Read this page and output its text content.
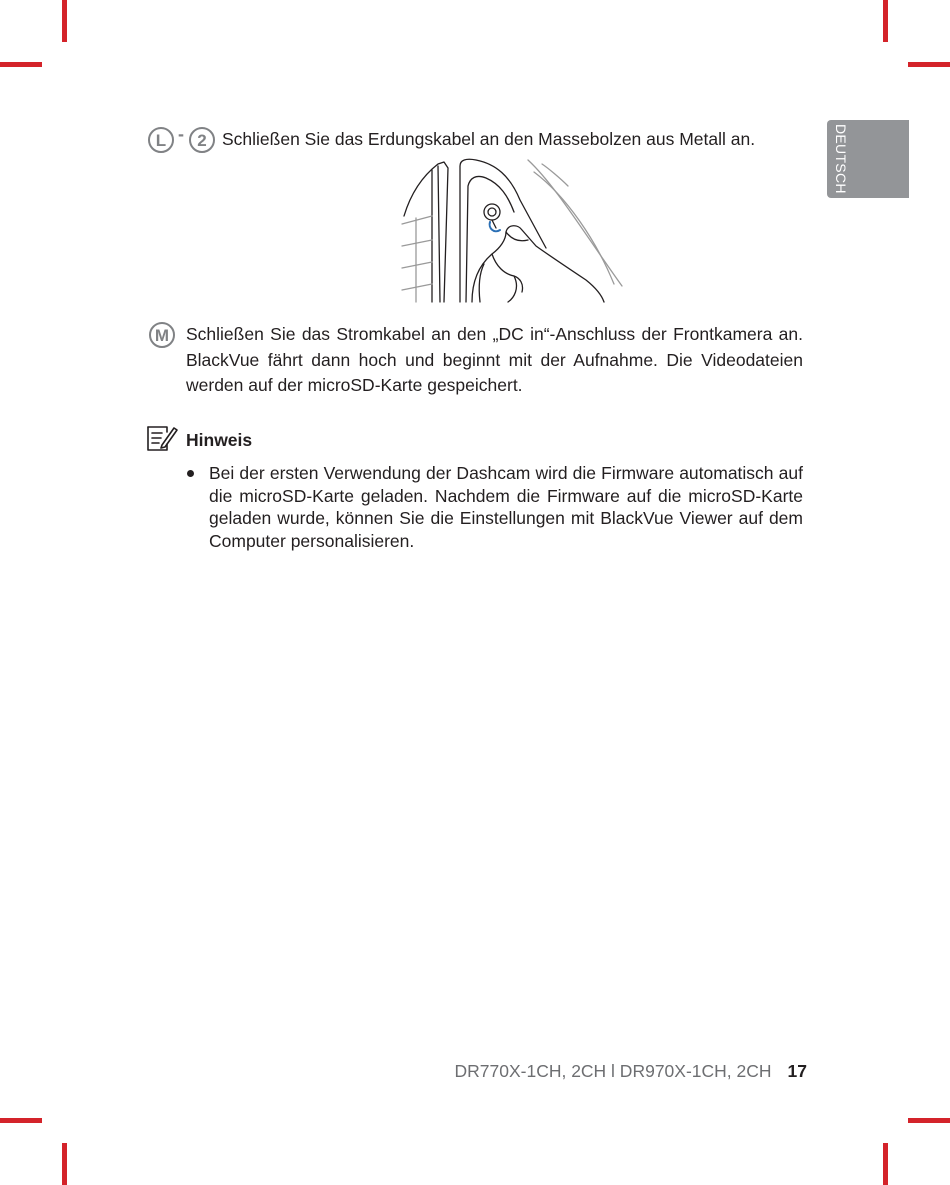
DEUTSCH
L - 2 Schließen Sie das Erdungskabel an den Massebolzen aus Metall an.
M Schließen Sie das Stromkabel an den „DC in“-Anschluss der Frontkamera an. BlackVue fährt dann hoch und beginnt mit der Aufnahme. Die Videodateien werden auf der microSD-Karte gespeichert.
Hinweis
Bei der ersten Verwendung der Dashcam wird die Firmware automatisch auf die microSD-Karte geladen. Nachdem die Firmware auf die microSD-Karte geladen wurde, können Sie die Einstellungen mit BlackVue Viewer auf dem Computer personalisieren.
DR770X-1CH, 2CH l DR970X-1CH, 2CH 17
